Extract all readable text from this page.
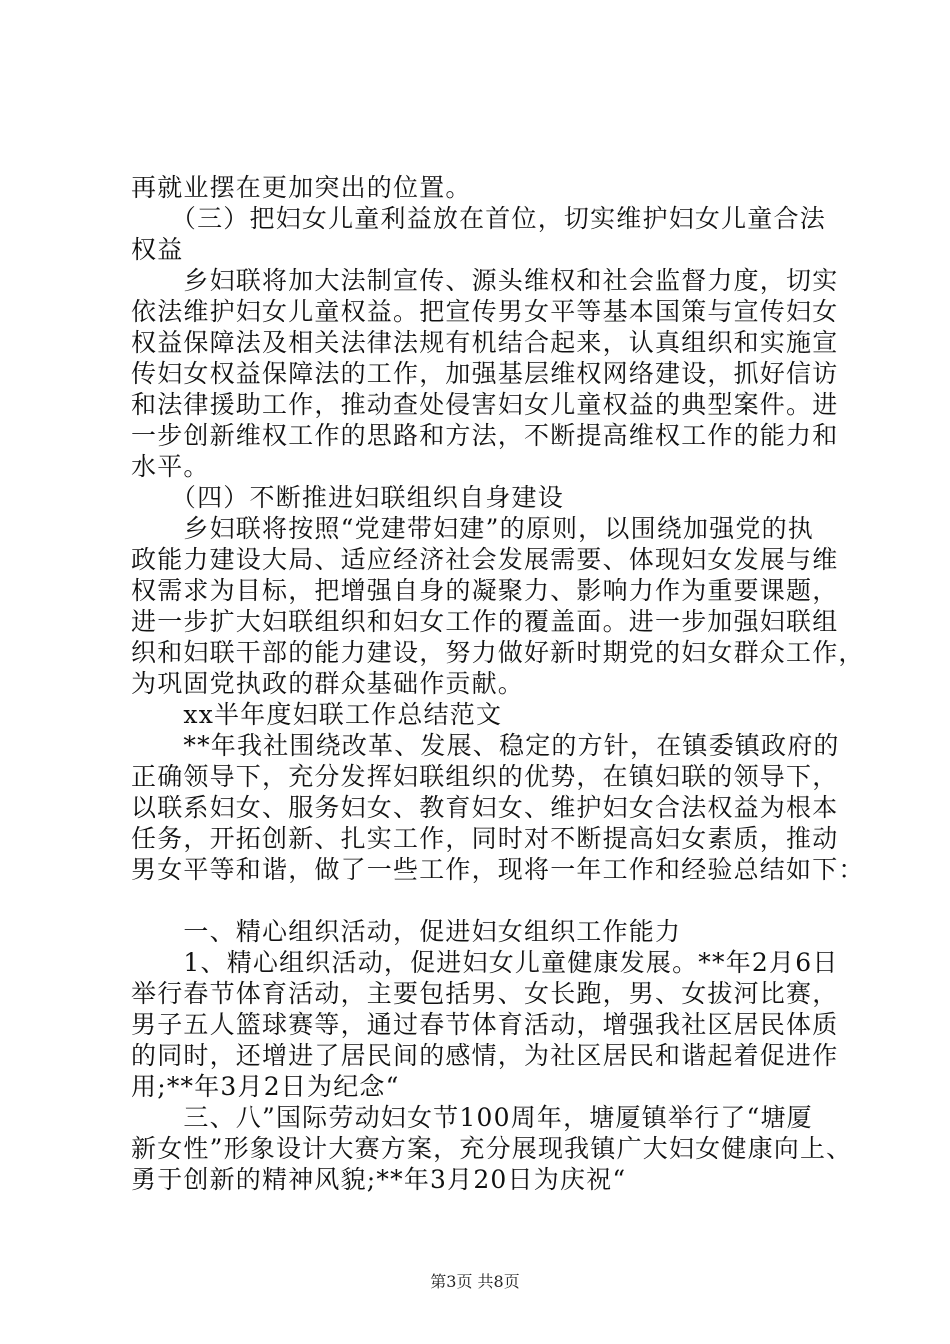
再就业摆在更加突出的位置。
　　（三）把妇女儿童利益放在首位，切实维护妇女儿童合法
权益
　　乡妇联将加大法制宣传、源头维权和社会监督力度，切实
依法维护妇女儿童权益。把宣传男女平等基本国策与宣传妇女
权益保障法及相关法律法规有机结合起来，认真组织和实施宣
传妇女权益保障法的工作，加强基层维权网络建设，抓好信访
和法律援助工作，推动查处侵害妇女儿童权益的典型案件。进
一步创新维权工作的思路和方法，不断提高维权工作的能力和
水平。
　　（四）不断推进妇联组织自身建设
　　乡妇联将按照“党建带妇建”的原则，以围绕加强党的执
政能力建设大局、适应经济社会发展需要、体现妇女发展与维
权需求为目标，把增强自身的凝聚力、影响力作为重要课题，
进一步扩大妇联组织和妇女工作的覆盖面。进一步加强妇联组
织和妇联干部的能力建设，努力做好新时期党的妇女群众工作，
为巩固党执政的群众基础作贡献。
　　xx半年度妇联工作总结范文
　　**年我社围绕改革、发展、稳定的方针，在镇委镇政府的
正确领导下，充分发挥妇联组织的优势，在镇妇联的领导下，
以联系妇女、服务妇女、教育妇女、维护妇女合法权益为根本
任务，开拓创新、扎实工作，同时对不断提高妇女素质，推动
男女平等和谐，做了一些工作，现将一年工作和经验总结如下：
　　一、精心组织活动，促进妇女组织工作能力
　　1、精心组织活动，促进妇女儿童健康发展。**年2月6日
举行春节体育活动，主要包括男、女长跑，男、女拔河比赛，
男子五人篮球赛等，通过春节体育活动，增强我社区居民体质
的同时，还增进了居民间的感情，为社区居民和谐起着促进作
用;**年3月2日为纪念“
　　三、八”国际劳动妇女节100周年，塘厦镇举行了“塘厦
新女性”形象设计大赛方案，充分展现我镇广大妇女健康向上、
勇于创新的精神风貌;**年3月20日为庆祝“
第3页 共8页
